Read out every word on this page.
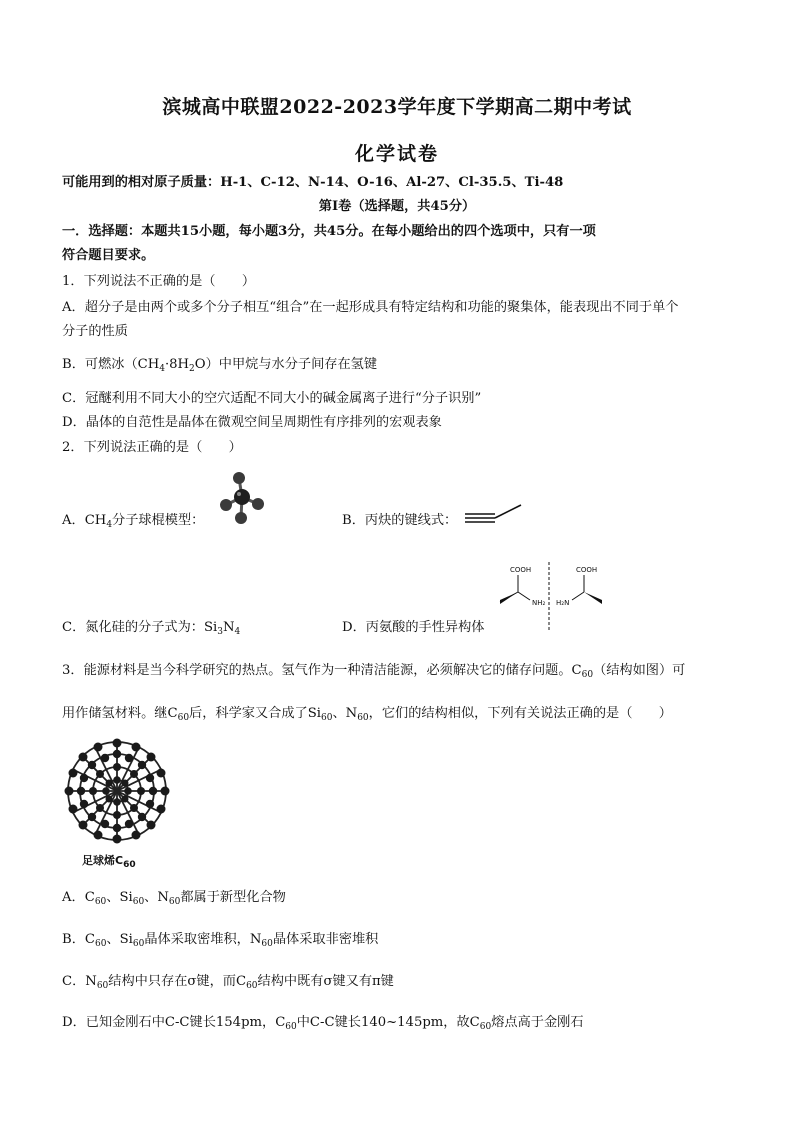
滨城高中联盟2022-2023学年度下学期高二期中考试
化学试卷
可能用到的相对原子质量：H-1、C-12、N-14、O-16、Al-27、Cl-35.5、Ti-48
第Ⅰ卷（选择题，共45分）
一．选择题：本题共15小题，每小题3分，共45分。在每小题给出的四个选项中，只有一项
符合题目要求。
1．下列说法不正确的是（　　）
A．超分子是由两个或多个分子相互“组合”在一起形成具有特定结构和功能的聚集体，能表现出不同于单个
分子的性质
B．可燃冰$(CH_4\cdot 8H_2O)$中甲烷与水分子间存在氢键
C．冠醚利用不同大小的空穴适配不同大小的碱金属离子进行“分子识别”
D．晶体的自范性是晶体在微观空间呈周期性有序排列的宏观表象
2．下列说法正确的是（　　）
A．$CH_4$分子球棍模型：	B．丙炔的键线式：
COOH
NH₂
COOH
H₂N
C．氮化硅的分子式为：$Si_3N_4$	D．丙氨酸的手性异构体
3．能源材料是当今科学研究的热点。氢气作为一种清洁能源，必须解决它的储存问题。$C_{60}$（结构如图）可
用作储氢材料。继$C_{60}$后，科学家又合成了$Si_{60}$、$N_{60}$，它们的结构相似，下列有关说法正确的是（　　）
足球烯$C_{60}$
A．$C_{60}$、$Si_{60}$、$N_{60}$都属于新型化合物
B．$C_{60}$、$Si_{60}$晶体采取密堆积，$N_{60}$晶体采取非密堆积
C．$N_{60}$结构中只存在σ键，而$C_{60}$结构中既有σ键又有π键
D．已知金刚石中C-C键长154pm，$C_{60}$中C-C键长140~145pm，故$C_{60}$熔点高于金刚石
